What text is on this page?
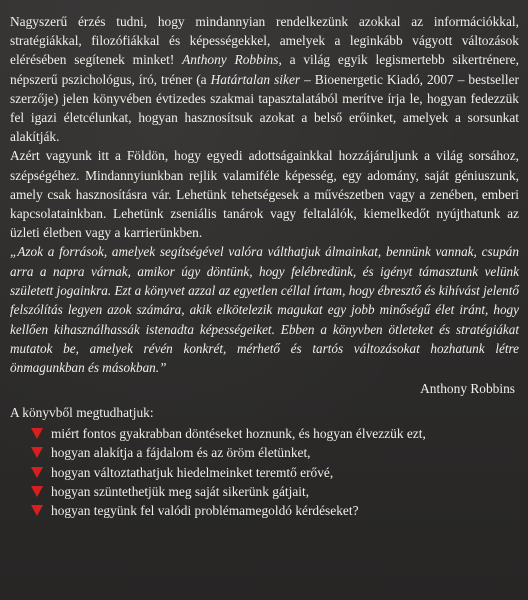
Nagyszerű érzés tudni, hogy mindannyian rendelkezünk azokkal az információkkal, stratégiákkal, filozófiákkal és képességekkel, amelyek a leginkább vágyott változások elérésében segítenek minket! Anthony Robbins, a világ egyik legismertebb sikertrénere, népszerű pszichológus, író, tréner (a Határtalan siker – Bioenergetic Kiadó, 2007 – bestseller szerzője) jelen könyvében évtizedes szakmai tapasztalatából merítve írja le, hogyan fedezzük fel igazi életcélunkat, hogyan hasznosítsuk azokat a belső erőinket, amelyek a sorsunkat alakítják.

Azért vagyunk itt a Földön, hogy egyedi adottságainkkal hozzájáruljunk a világ sorsához, szépségéhez. Mindannyiunkban rejlik valamiféle képesség, egy adomány, saját géniuszunk, amely csak hasznosításra vár. Lehetünk tehetségesek a művészetben vagy a zenében, emberi kapcsolatainkban. Lehetünk zseniális tanárok vagy feltalálók, kiemelkedőt nyújthatunk az üzleti életben vagy a karrierünkben.

„Azok a források, amelyek segítségével valóra válthatjuk álmainkat, bennünk vannak, csupán arra a napra várnak, amikor úgy döntünk, hogy felébredünk, és igényt támasztunk velünk született jogainkra. Ezt a könyvet azzal az egyetlen céllal írtam, hogy ébresztő és kihívást jelentő felszólítás legyen azok számára, akik elkötelezik magukat egy jobb minőségű élet iránt, hogy kellően kihasználhassák istenadta képességeiket. Ebben a könyvben ötleteket és stratégiákat mutatok be, amelyek révén konkrét, mérhető és tartós változásokat hozhatunk létre önmagunkban és másokban.”

Anthony Robbins

A könyvből megtudhatjuk:

miért fontos gyakrabban döntéseket hoznunk, és hogyan élvezzük ezt,
hogyan alakítja a fájdalom és az öröm életünket,
hogyan változtathatjuk hiedelmeinket teremtő erővé,
hogyan szüntethetjük meg saját sikerünk gátjait,
hogyan tegyünk fel valódi problémamegoldó kérdéseket?
